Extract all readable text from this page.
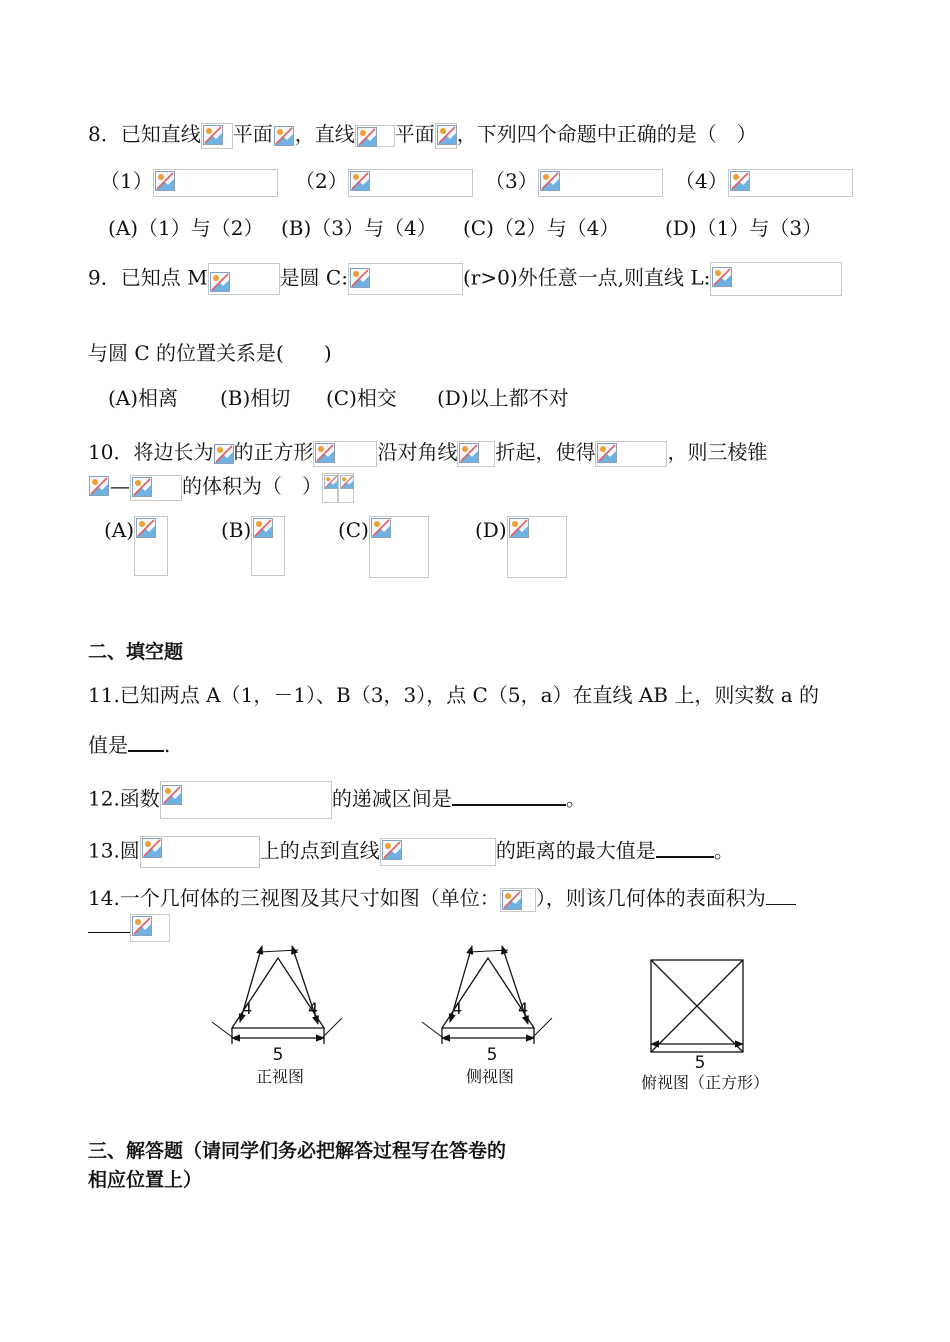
8．已知直线 平面 ，直线 平面 ，下列四个命题中正确的是（　）
（1）	（2）	（3）	（4）
(A)（1）与（2） (B)（3）与（4） (C)（2）与（4） (D)（1）与（3）
9．已知点 M	是圆 C:	(r>0)外任意一点,则直线 L:
与圆 C 的位置关系是(　　)
(A)相离 (B)相切 (C)相交 (D)以上都不对
10．将边长为 的正方形	沿对角线 折起，使得	，则三棱锥
—	的体积为（　）
(A)	(B)	(C)	(D)
二、填空题
11.已知两点 A（1，－1）、B（3，3），点 C（5，a）在直线 AB 上，则实数 a 的
值是 .
12.函数	的递减区间是	。
13.圆	上的点到直线	的距离的最大值是	。
14.一个几何体的三视图及其尺寸如图（单位： ），则该几何体的表面积为
4	4
5
正视图
4	4
5
侧视图
5
俯视图（正方形）
三、解答题（请同学们务必把解答过程写在答卷的
相应位置上）
